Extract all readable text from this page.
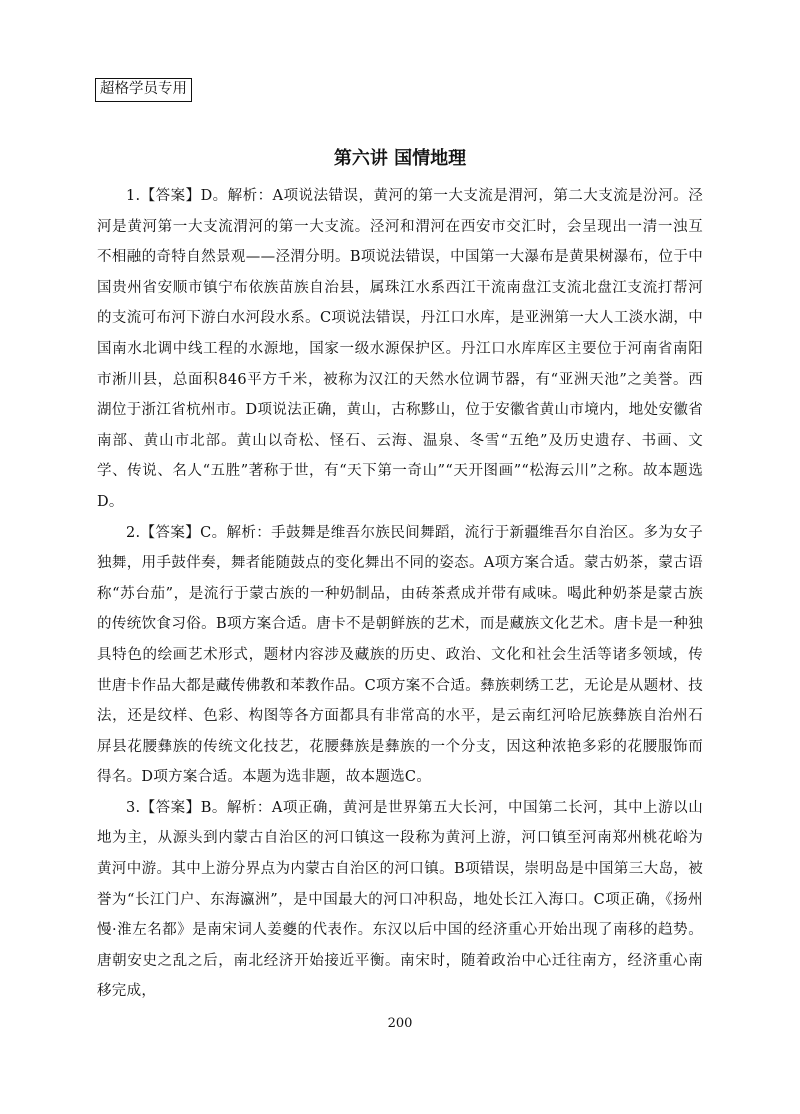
超格学员专用
第六讲 国情地理

1.【答案】D。解析：A项说法错误，黄河的第一大支流是渭河，第二大支流是汾河。泾河是黄河第一大支流渭河的第一大支流。泾河和渭河在西安市交汇时，会呈现出一清一浊互不相融的奇特自然景观——泾渭分明。B项说法错误，中国第一大瀑布是黄果树瀑布，位于中国贵州省安顺市镇宁布依族苗族自治县，属珠江水系西江干流南盘江支流北盘江支流打帮河的支流可布河下游白水河段水系。C项说法错误，丹江口水库，是亚洲第一大人工淡水湖，中国南水北调中线工程的水源地，国家一级水源保护区。丹江口水库库区主要位于河南省南阳市淅川县，总面积846平方千米，被称为汉江的天然水位调节器，有“亚洲天池”之美誉。西湖位于浙江省杭州市。D项说法正确，黄山，古称黟山，位于安徽省黄山市境内，地处安徽省南部、黄山市北部。黄山以奇松、怪石、云海、温泉、冬雪“五绝”及历史遗存、书画、文学、传说、名人“五胜”著称于世，有“天下第一奇山”“天开图画”“松海云川”之称。故本题选D。

2.【答案】C。解析：手鼓舞是维吾尔族民间舞蹈，流行于新疆维吾尔自治区。多为女子独舞，用手鼓伴奏，舞者能随鼓点的变化舞出不同的姿态。A项方案合适。蒙古奶茶，蒙古语称“苏台茄”，是流行于蒙古族的一种奶制品，由砖茶煮成并带有咸味。喝此种奶茶是蒙古族的传统饮食习俗。B项方案合适。唐卡不是朝鲜族的艺术，而是藏族文化艺术。唐卡是一种独具特色的绘画艺术形式，题材内容涉及藏族的历史、政治、文化和社会生活等诸多领域，传世唐卡作品大都是藏传佛教和苯教作品。C项方案不合适。彝族刺绣工艺，无论是从题材、技法，还是纹样、色彩、构图等各方面都具有非常高的水平，是云南红河哈尼族彝族自治州石屏县花腰彝族的传统文化技艺，花腰彝族是彝族的一个分支，因这种浓艳多彩的花腰服饰而得名。D项方案合适。本题为选非题，故本题选C。

3.【答案】B。解析：A项正确，黄河是世界第五大长河，中国第二长河，其中上游以山地为主，从源头到内蒙古自治区的河口镇这一段称为黄河上游，河口镇至河南郑州桃花峪为黄河中游。其中上游分界点为内蒙古自治区的河口镇。B项错误，崇明岛是中国第三大岛，被誉为“长江门户、东海瀛洲”，是中国最大的河口冲积岛，地处长江入海口。C项正确，《扬州慢·淮左名都》是南宋词人姜夔的代表作。东汉以后中国的经济重心开始出现了南移的趋势。唐朝安史之乱之后，南北经济开始接近平衡。南宋时，随着政治中心迁往南方，经济重心南移完成，

200
